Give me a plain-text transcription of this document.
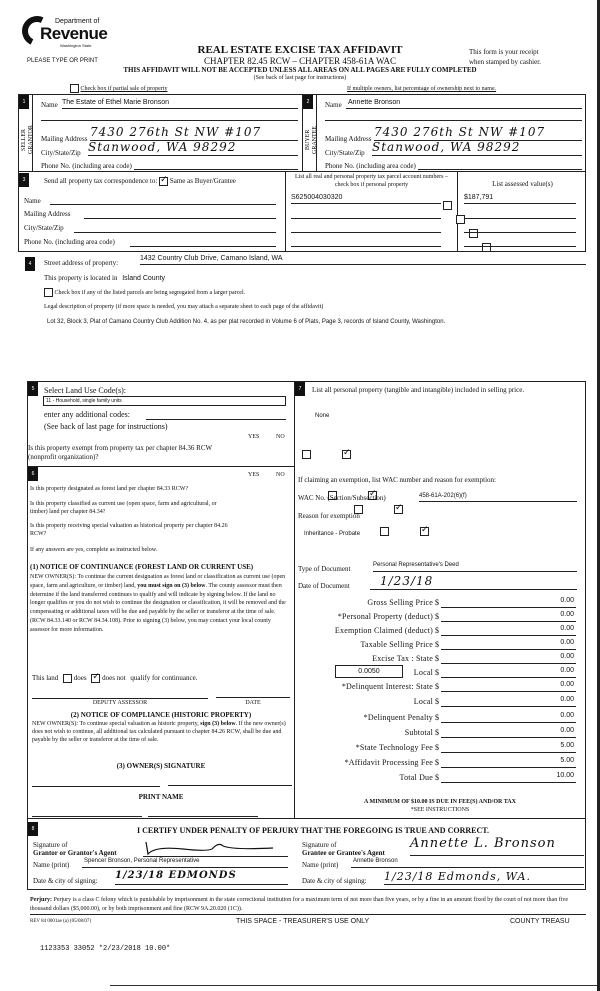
Department of
Revenue
Washington State
PLEASE TYPE OR PRINT
REAL ESTATE EXCISE TAX AFFIDAVIT
CHAPTER 82.45 RCW – CHAPTER 458-61A WAC
This form is your receipt
when stamped by cashier.
THIS AFFIDAVIT WILL NOT BE ACCEPTED UNLESS ALL AREAS ON ALL PAGES ARE FULLY COMPLETED
(See back of last page for instructions)
Check box if partial sale of property	If multiple owners, list percentage of ownership next to name.
1
SELLER
GRANTOR
Name The Estate of Ethel Marie Bronson
Mailing Address 7430 276th St NW #107
City/State/Zip Stanwood, WA 98292
Phone No. (including area code)
2
BUYER
GRANTEE
Name Annette Bronson
Mailing Address 7430 276th St NW #107
City/State/Zip Stanwood, WA 98292
Phone No. (including area code)
3	Send all property tax correspondence to: ✓ Same as Buyer/Grantee
Name
Mailing Address
City/State/Zip
Phone No. (including area code)
List all real and personal property tax parcel account numbers – check box if personal property	List assessed value(s)
S625004030320
	$187,791

4	Street address of property:
1432 Country Club Drive, Camano Island, WA
This property is located in Island County
Check box if any of the listed parcels are being segregated from a larger parcel.
Legal description of property (if more space is needed, you may attach a separate sheet to each page of the affidavit)
Lot 32, Block 3, Plat of Camano Country Club Addition No. 4, as per plat recorded in Volume 6 of Plats, Page 3, records of Island County, Washington.
5	Select Land Use Code(s):
11 - Household, single family units
enter any additional codes:
(See back of last page for instructions)
YES	NO
Is this property exempt from property tax per chapter 84.36 RCW (nonprofit organization)?
✓
6	YES	NO
Is this property designated as forest land per chapter 84.33 RCW?
✓
Is this property classified as current use (open space, farm and agricultural, or timber) land per chapter 84.34?
✓
Is this property receiving special valuation as historical property per chapter 84.26 RCW?
✓
If any answers are yes, complete as instructed below.
(1) NOTICE OF CONTINUANCE (FOREST LAND OR CURRENT USE)
NEW OWNER(S): To continue the current designation as forest land or classification as current use (open space, farm and agriculture, or timber) land, you must sign on (3) below. The county assessor must then determine if the land transferred continues to qualify and will indicate by signing below. If the land no longer qualifies or you do not wish to continue the designation or classification, it will be removed and the compensating or additional taxes will be due and payable by the seller or transferor at the time of sale. (RCW 84.33.140 or RCW 84.34.108). Prior to signing (3) below, you may contact your local county assessor for more information.
This land does ✓ does not qualify for continuance.
DEPUTY ASSESSOR	DATE
(2) NOTICE OF COMPLIANCE (HISTORIC PROPERTY)
NEW OWNER(S): To continue special valuation as historic property, sign (3) below. If the new owner(s) does not wish to continue, all additional tax calculated pursuant to chapter 84.26 RCW, shall be due and payable by the seller or transferor at the time of sale.
(3) OWNER(S) SIGNATURE
PRINT NAME
7	List all personal property (tangible and intangible) included in selling price.
None
If claiming an exemption, list WAC number and reason for exemption:
WAC No. (Section/Subsection)	458-61A-202(6)(f)
Reason for exemption
Inheritance - Probate
Type of Document	Personal Representative's Deed
Date of Document	1/23/18
Gross Selling Price $	0.00
*Personal Property (deduct) $	0.00
Exemption Claimed (deduct) $	0.00
Taxable Selling Price $	0.00
Excise Tax : State $	0.00
Local $	0.00
0.0050
*Delinquent Interest: State $	0.00
Local $	0.00
*Delinquent Penalty $	0.00
Subtotal $	0.00
*State Technology Fee $	5.00
*Affidavit Processing Fee $	5.00
Total Due $	10.00
A MINIMUM OF $10.00 IS DUE IN FEE(S) AND/OR TAX
*SEE INSTRUCTIONS
8	I CERTIFY UNDER PENALTY OF PERJURY THAT THE FOREGOING IS TRUE AND CORRECT.
Signature of
Grantor or Grantor's Agent
Name (print)	Spencer Bronson, Personal Representative
Date & city of signing: 1/23/18 EDMONDS
Signature of
Grantee or Grantee's Agent
Annette L. Bronson
Name (print)	Annette Bronson
Date & city of signing: 1/23/18 Edmonds, WA.
Perjury: Perjury is a class C felony which is punishable by imprisonment in the state correctional institution for a maximum term of not more than five years, or by a fine in an amount fixed by the court of not more than five thousand dollars ($5,000.00), or by both imprisonment and fine (RCW 9A.20.020 (1C)).
REV 84 0001ae (a) (05/08/07)	THIS SPACE - TREASURER'S USE ONLY	COUNTY TREASU
1123353 33052 *2/23/2018 10.00*
